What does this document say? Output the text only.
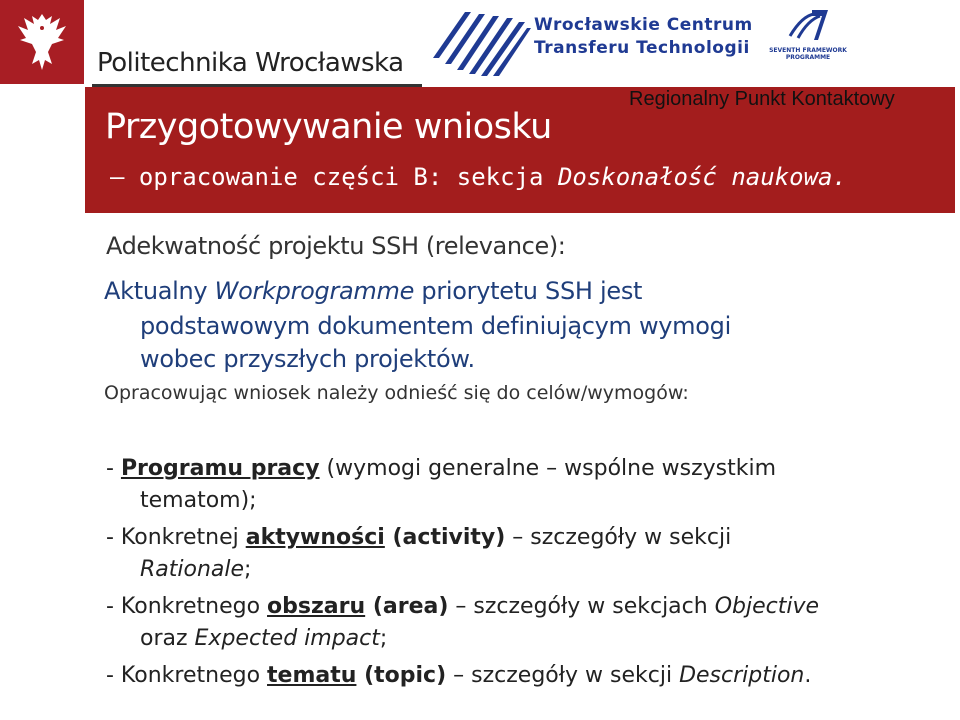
Politechnika Wrocławska
Wrocławskie Centrum
Transferu Technologii	SEVENTH FRAMEWORK PROGRAMME
Regionalny Punkt Kontaktowy
Przygotowywanie wniosku
– opracowanie części B: sekcja Doskonałość naukowa.
Adekwatność projektu SSH (relevance):
Aktualny Workprogramme priorytetu SSH jest
podstawowym dokumentem definiującym wymogi
wobec przyszłych projektów.
Opracowując wniosek należy odnieść się do celów/wymogów:
- Programu pracy (wymogi generalne – wspólne wszystkim
tematom);
- Konkretnej aktywności (activity) – szczegóły w sekcji
Rationale;
- Konkretnego obszaru (area) – szczegóły w sekcjach Objective
oraz Expected impact;
- Konkretnego tematu (topic) – szczegóły w sekcji Description.
